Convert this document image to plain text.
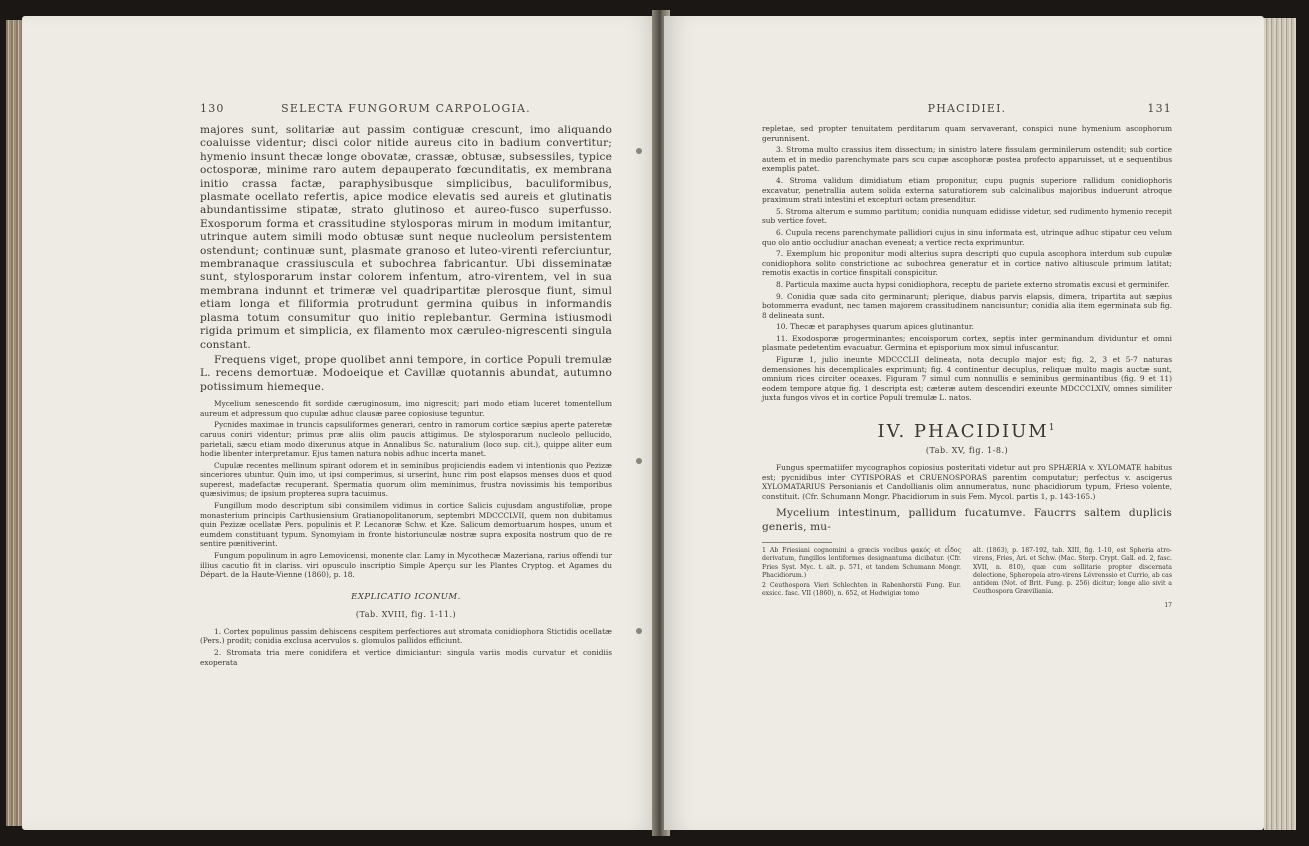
130	SELECTA FUNGORUM CARPOLOGIA.

majores sunt, solitariæ aut passim contiguæ crescunt, imo aliquando coaluisse videntur; disci color nitide aureus cito in badium convertitur; hymenio insunt thecæ longe obovatæ, crassæ, obtusæ, subsessiles, typice octosporæ, minime raro autem depauperato fœcunditatis, ex membrana initio crassa factæ, paraphysibusque simplicibus, baculiformibus, plasmate ocellato refertis, apice modice elevatis sed aureis et glutinatis abundantissime stipatæ, strato glutinoso et aureo-fusco superfusso. Exosporum forma et crassitudine stylosporas mirum in modum imitantur, utrinque autem simili modo obtusæ sunt neque nucleolum persistentem ostendunt; continuæ sunt, plasmate granoso et luteo-virenti referciuntur, membranaque crassiuscula et subochrea fabricantur. Ubi disseminatæ sunt, stylosporarum instar colorem infentum, atro-virentem, vel in sua membrana indunnt et trimeræ vel quadripartitæ plerosque fiunt, simul etiam longa et filiformia protrudunt germina quibus in informandis plasma totum consumitur quo initio replebantur. Germina istiusmodi rigida primum et simplicia, ex filamento mox cæruleo-nigrescenti singula constant.

Frequens viget, prope quolibet anni tempore, in cortice Populi tremulæ L. recens demortuæ. Modoeique et Cavillæ quotannis abundat, autumno potissimum hiemeque.

Mycelium senescendo fit sordide cæruginosum, imo nigrescit; pari modo etiam luceret tomentellum aureum et adpressum quo cupulæ adhuc clausæ paree copiosiuse teguntur.

Pycnides maximae in truncis capsuliformes generari, centro in ramorum cortice sæpius aperte pateretæ caruus coniri videntur; primus præ aliis olim paucis attigimus. De stylosporarum nucleolo pellucido, parietali, sæcu etiam modo dixerunus atque in Annalibus Sc. naturalium (loco sup. cit.), quippe aliter eum hodie libenter interpretamur. Ejus tamen natura nobis adhuc incerta manet.

Cupulæ recentes mellinum spirant odorem et in seminibus projiciendis eadem vi intentionis quo Pezizæ sinceriores utuntur. Quin imo, ut ipsi comperimus, si urserint, hunc rim post elapsos menses duos et quod superest, madefactæ recuperant. Spermatia quorum olim meminimus, frustra novissimis his temporibus quæsivimus; de ipsium propterea supra tacuimus.

Fungillum modo descriptum sibi consimilem vidimus in cortice Salicis cujusdam angustifoliæ, prope monasterium principis Carthusiensium Gratianopolitanorum, septembri MDCCCLVII, quem non dubitamus quin Pezizæ ocellatæ Pers. populinis et P. Lecanoræ Schw. et Kze. Salicum demortuarum hospes, unum et eumdem constituant typum. Synomyiam in fronte historiunculæ nostræ supra exposita nostrum quo de re sentire pœnitiverint.

Fungum populinum in agro Lemovicensi, monente clar. Lamy in Mycothecæ Mazeriana, rarius offendi tur illius cacutio fit in clariss. viri opusculo inscriptio Simple Aperçu sur les Plantes Cryptog. et Agames du Départ. de la Haute-Vienne (1860), p. 18.

EXPLICATIO ICONUM.
(Tab. XVIII, fig. 1-11.)

1. Cortex populinus passim dehiscens cespitem perfectiores aut stromata conidiophora Stictidis ocellatæ (Pers.) prodit; conidia exclusa acervulos s. glomulos pallidos efficiunt.

2. Stromata tria mere conidifera et vertice dimiciantur: singula variis modis curvatur et conidiis exoperata

PHACIDIEI.	131

repletae, sed propter tenuitatem perditarum quam servaverant, conspici nune hymenium ascophorum gerunnisent.

3. Stroma multo crassius item dissectum; in sinistro latere fissulam germinilerum ostendit; sub cortice autem et in medio parenchymate pars scu cupæ ascophoræ postea profecto apparuisset, ut e sequentibus exemplis patet.

4. Stroma validum dimidiatum etiam proponitur, cupu pugnis superiore rallidum conidiophoris excavatur, penetrallia autem solida externa saturatiorem sub calcinalibus majoribus induerunt atroque praximum strati intestini et excepturi octam presenditur.

5. Stroma alterum e summo partitum; conidia nunquam edidisse videtur, sed rudimento hymenio recepit sub vertice fovet.

6. Cupula recens parenchymate pallidiori cujus in sinu informata est, utrinque adhuc stipatur ceu velum quo olo antio occludiur anachan eveneat; a vertice recta exprimuntur.

7. Exemplum hic proponitur modi alterius supra descripti quo cupula ascophora interdum sub cupulæ conidiophora solito constrictione ac subochrea generatur et in cortice nativo altiuscule primum latitat; remotis exactis in cortice finspitali conspicitur.

8. Particula maxime aucta hypsi conidiophora, receptu de pariete externo stromatis excusi et germinifer.

9. Conidia quæ sada cito germinarunt; plerique, diabus parvis elapsis, dimera, tripartita aut sæpius botommerra evadunt, nec tamen majorem crassitudinem nancisuntur; conidia alia item egerminata sub fig. 8 delineata sunt.

10. Thecæ et paraphyses quarum apices glutinantur.

11. Exodosporæ progerminantes; encoisporum cortex, septis inter germinandum dividuntur et omni plasmate pedetentim evacuatur. Germina et episporium mox simul infuscantur.

Figuræ 1, julio ineunte MDCCCLII delineata, nota decuplo major est; fig. 2, 3 et 5-7 naturas demensiones his decemplicales exprimunt; fig. 4 continentur decuplus, reliquæ multo magis auctæ sunt, omnium rices circiter oceaxes. Figuram 7 simul cum nonnullis e seminibus germinantibus (fig. 9 et 11) eodem tempore atque fig. 1 descripta est; cæteræ autem descendiri exeunte MDCCCLXIV, omnes similiter juxta fungos vivos et in cortice Populi tremulæ L. natos.

IV. PHACIDIUM$^1$
(Tab. XV, fig. 1-8.)

Fungus spermatiifer mycographos copiosius posteritati videtur aut pro SPHÆRIA v. XYLOMATE habitus est; pycnidibus inter CYTISPORAS et CRUENOSPORAS parentim computatur; perfectus v. ascigerus XYLOMATARIUS Personianis et Candollianis olim annumeratus, nunc phacidiorum typum, Frieso volente, constituit. (Cfr. Schumann Mongr. Phacidiorum in suis Fem. Mycol. partis 1, p. 143-165.)

Mycelium intestinum, pallidum fucatumve. Faucrrs saltem duplicis generis, mu-

1 Ab Friesiani cognomini a græcis vocibus φακός et εἶδος derivatum, fungillos lentiformes designantuma dicibatur. (Cfr. Fries Syst. Myc. t. alt. p. 571, et tandem Schumann Mongr. Phacidiorum.)

2 Ceuthospora Vieri Schlechten in Rabenhorstii Fung. Eur. exsicc. fasc. VII (1860), n. 652, et Hedwigiæ tomo

alt. (1863), p. 187-192, tab. XIII, fig. 1-10, est Spheria atro-virens, Fries, Ari. et Schw. (Mac. Sterp. Crypt. Gall. ed. 2, fasc. XVII, n. 810), quæ cum sollitarie propter discernata delectione, Spheropeia atro-virens Lévrenssio et Currio, ab cas antidem (Not. of Brit. Fung. p. 256) dicitur; longe alio sivit a Ceuthospora Græviliania.

17
